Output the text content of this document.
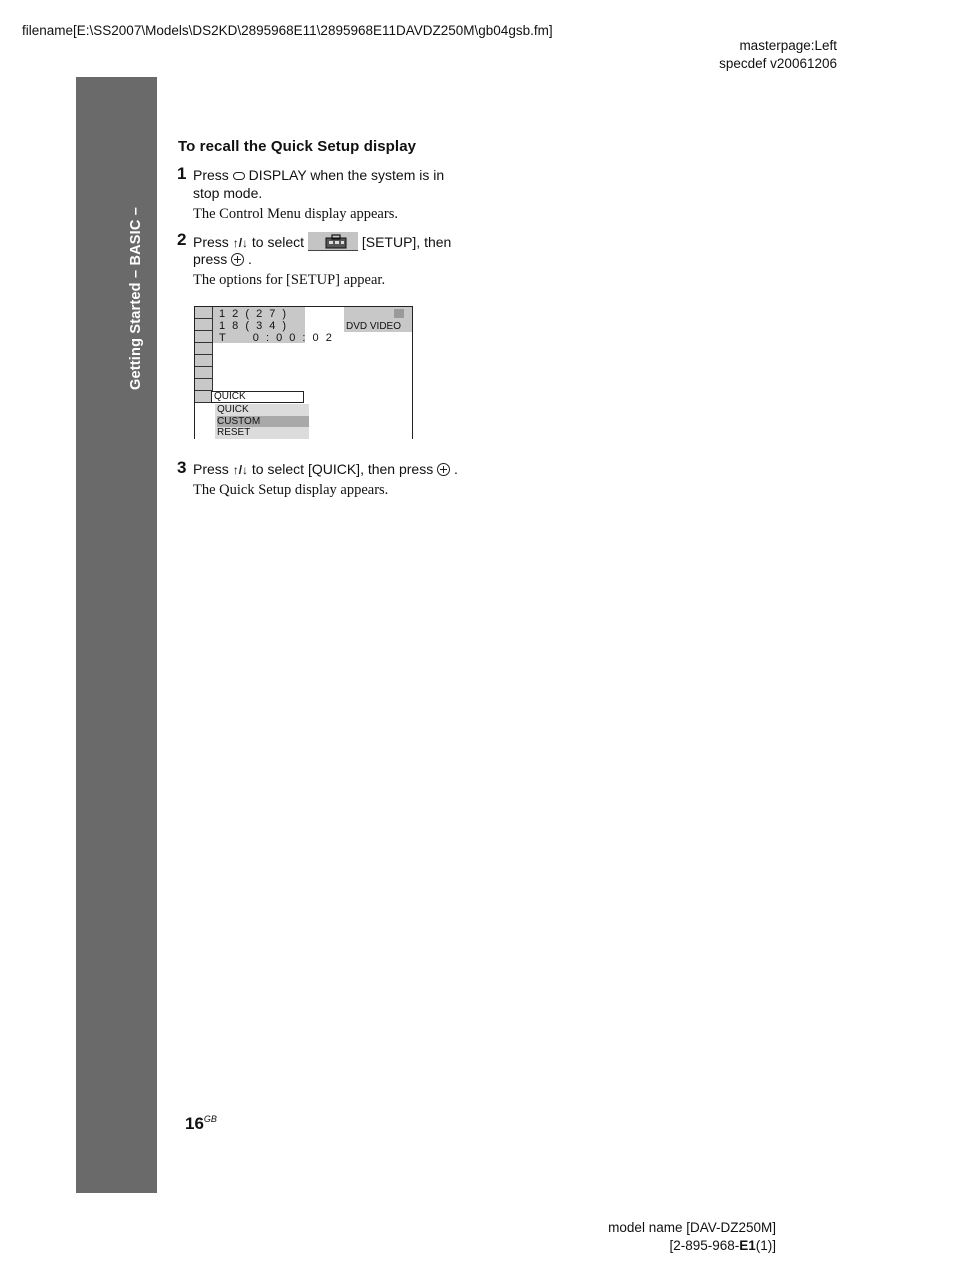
filename[E:\SS2007\Models\DS2KD\2895968E11\2895968E11DAVDZ250M\gb04gsb.fm]
masterpage:Left
specdef v20061206
Getting Started – BASIC –
To recall the Quick Setup display
1 Press DISPLAY when the system is in
stop mode.
The Control Menu display appears.
2 Press ↑/↓ to select	[SETUP], then
press .
The options for [SETUP] appear.
1 2 ( 2 7 )
1 8 ( 3 4 )
T     0 : 0 0 : 0 2
DVD VIDEO
QUICK
QUICK
CUSTOM
RESET
3 Press ↑/↓ to select [QUICK], then press .
The Quick Setup display appears.
$16^{GB}$
model name [DAV-DZ250M]
[2-895-968-E1(1)]
